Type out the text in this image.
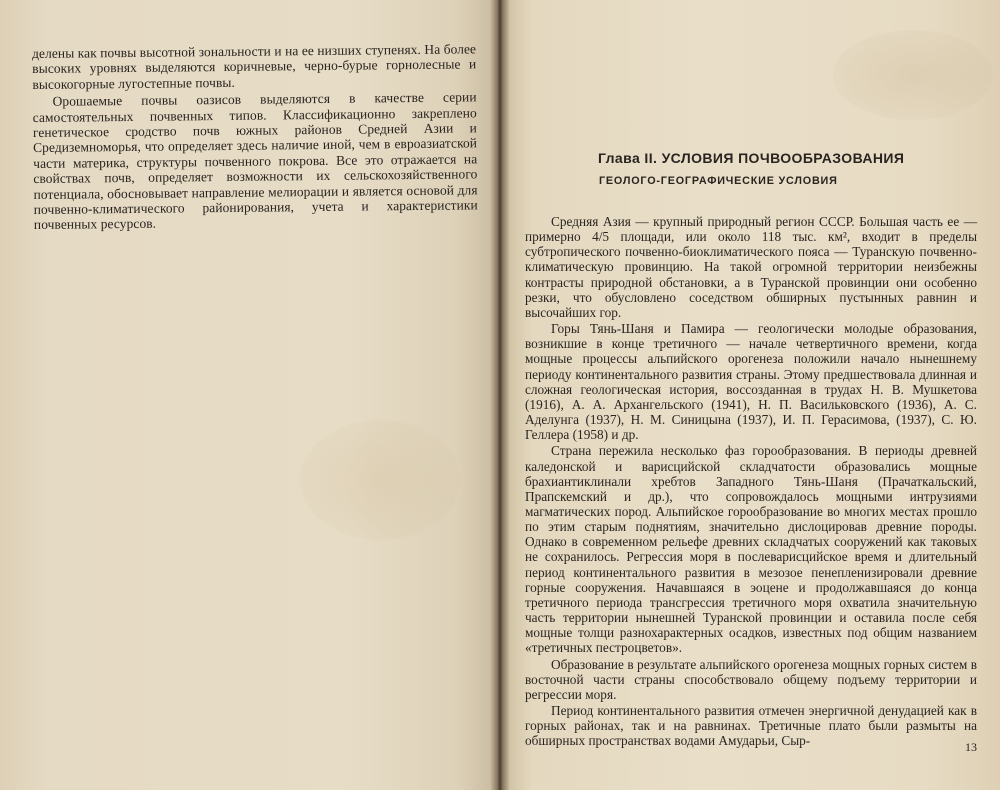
делены как почвы высотной зональности и на ее низших ступенях. На более высоких уровнях выделяются коричневые, черно-бурые горнолесные и высокогорные лугостепные почвы.

Орошаемые почвы оазисов выделяются в качестве серии самостоятельных почвенных типов. Классификационно закреплено генетическое сродство почв южных районов Средней Азии и Средиземноморья, что определяет здесь наличие иной, чем в евроазиатской части материка, структуры почвенного покрова. Все это отражается на свойствах почв, определяет возможности их сельскохозяйственного потенциала, обосновывает направление мелиорации и является основой для почвенно-климатического районирования, учета и характеристики почвенных ресурсов.

Глава II. УСЛОВИЯ ПОЧВООБРАЗОВАНИЯ
ГЕОЛОГО-ГЕОГРАФИЧЕСКИЕ УСЛОВИЯ

Средняя Азия — крупный природный регион СССР. Большая часть ее — примерно 4/5 площади, или около 118 тыс. км², входит в пределы субтропического почвенно-биоклиматического пояса — Туранскую почвенно-климатическую провинцию. На такой огромной территории неизбежны контрасты природной обстановки, а в Туранской провинции они особенно резки, что обусловлено соседством обширных пустынных равнин и высочайших гор.

Горы Тянь-Шаня и Памира — геологически молодые образования, возникшие в конце третичного — начале четвертичного времени, когда мощные процессы альпийского орогенеза положили начало нынешнему периоду континентального развития страны. Этому предшествовала длинная и сложная геологическая история, воссозданная в трудах Н. В. Мушкетова (1916), А. А. Архангельского (1941), Н. П. Васильковского (1936), А. С. Аделунга (1937), Н. М. Синицына (1937), И. П. Герасимова, (1937), С. Ю. Геллера (1958) и др.

Страна пережила несколько фаз горообразования. В периоды древней каледонской и варисцийской складчатости образовались мощные брахиантиклинали хребтов Западного Тянь-Шаня (Прачаткальский, Прапскемский и др.), что сопровождалось мощными интрузиями магматических пород. Альпийское горообразование во многих местах прошло по этим старым поднятиям, значительно дислоцировав древние породы. Однако в современном рельефе древних складчатых сооружений как таковых не сохранилось. Регрессия моря в послеварисцийское время и длительный период континентального развития в мезозое пенепленизировали древние горные сооружения. Начавшаяся в эоцене и продолжавшаяся до конца третичного периода трансгрессия третичного моря охватила значительную часть территории нынешней Туранской провинции и оставила после себя мощные толщи разнохарактерных осадков, известных под общим названием «третичных пестроцветов».

Образование в результате альпийского орогенеза мощных горных систем в восточной части страны способствовало общему подъему территории и регрессии моря.

Период континентального развития отмечен энергичной денудацией как в горных районах, так и на равнинах. Третичные плато были размыты на обширных пространствах водами Амударьи, Сыр-	13
